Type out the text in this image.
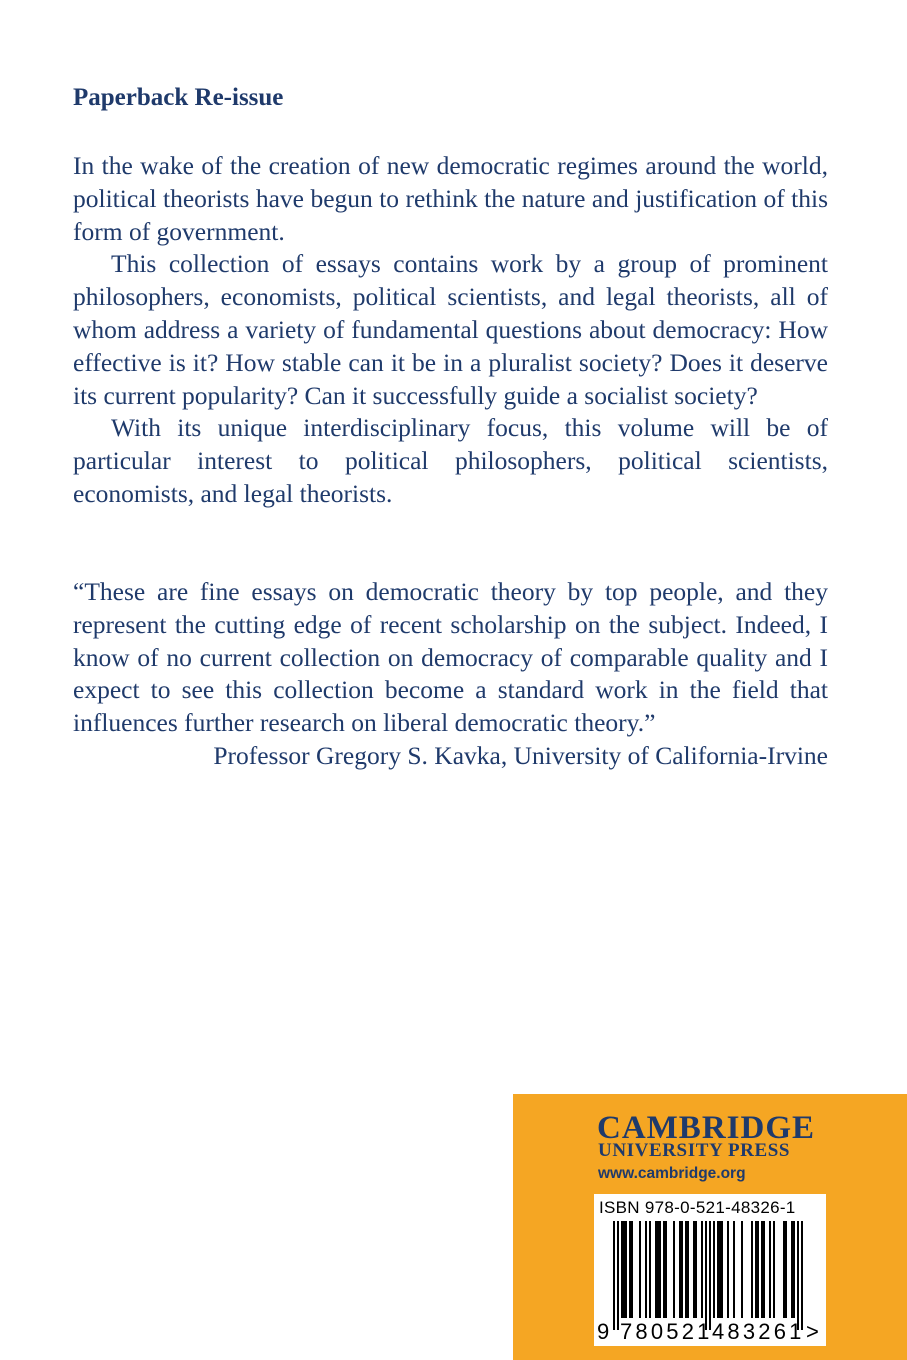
Paperback Re-issue

In the wake of the creation of new democratic regimes around the world, political theorists have begun to rethink the nature and justification of this form of government.

This collection of essays contains work by a group of prominent philosophers, economists, political scientists, and legal theorists, all of whom address a variety of fundamental questions about democracy: How effective is it? How stable can it be in a pluralist society? Does it deserve its current popularity? Can it successfully guide a socialist society?

With its unique interdisciplinary focus, this volume will be of particular interest to political philosophers, political scientists, economists, and legal theorists.

“These are fine essays on democratic theory by top people, and they represent the cutting edge of recent scholarship on the subject. Indeed, I know of no current collection on democracy of comparable quality and I expect to see this collection become a standard work in the field that influences further research on liberal democratic theory.”

Professor Gregory S. Kavka, University of California-Irvine

CAMBRIDGE
UNIVERSITY PRESS
www.cambridge.org
ISBN 978-0-521-48326-1
9 780521 483261 >
